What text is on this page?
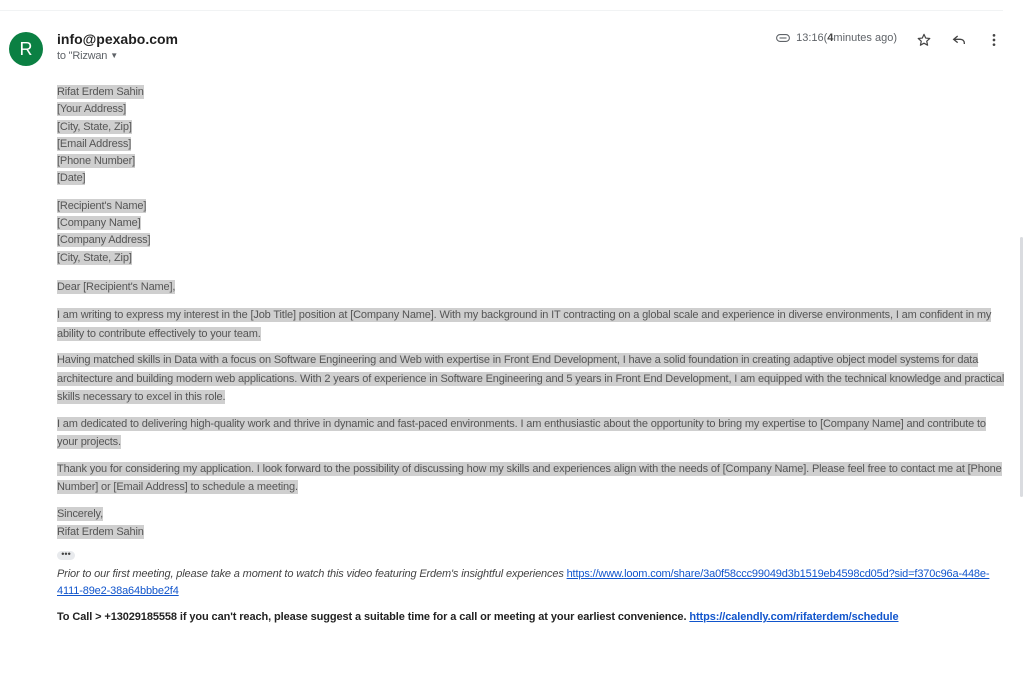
R	info@pexabo.com
to "Rizwan ▼
13:16 ( 4 minutes ago)
Rifat Erdem Sahin
[Your Address]
[City, State, Zip]
[Email Address]
[Phone Number]
[Date]
[Recipient's Name]
[Company Name]
[Company Address]
[City, State, Zip]
Dear [Recipient's Name],
I am writing to express my interest in the [Job Title] position at [Company Name]. With my background in IT contracting on a global scale and experience in diverse environments, I am confident in my ability to contribute effectively to your team.
Having matched skills in Data with a focus on Software Engineering and Web with expertise in Front End Development, I have a solid foundation in creating adaptive object model systems for data architecture and building modern web applications. With 2 years of experience in Software Engineering and 5 years in Front End Development, I am equipped with the technical knowledge and practical skills necessary to excel in this role.
I am dedicated to delivering high-quality work and thrive in dynamic and fast-paced environments. I am enthusiastic about the opportunity to bring my expertise to [Company Name] and contribute to your projects.
Thank you for considering my application. I look forward to the possibility of discussing how my skills and experiences align with the needs of [Company Name]. Please feel free to contact me at [Phone Number] or [Email Address] to schedule a meeting.
Sincerely,
Rifat Erdem Sahin
•••
Prior to our first meeting, please take a moment to watch this video featuring Erdem's insightful experiences https://www.loom.com/share/3a0f58ccc99049d3b1519eb4598cd05d?sid=f370c96a-448e-4111-89e2-38a64bbbe2f4
To Call > +13029185558 if you can't reach, please suggest a suitable time for a call or meeting at your earliest convenience. https://calendly.com/rifaterdem/schedule
